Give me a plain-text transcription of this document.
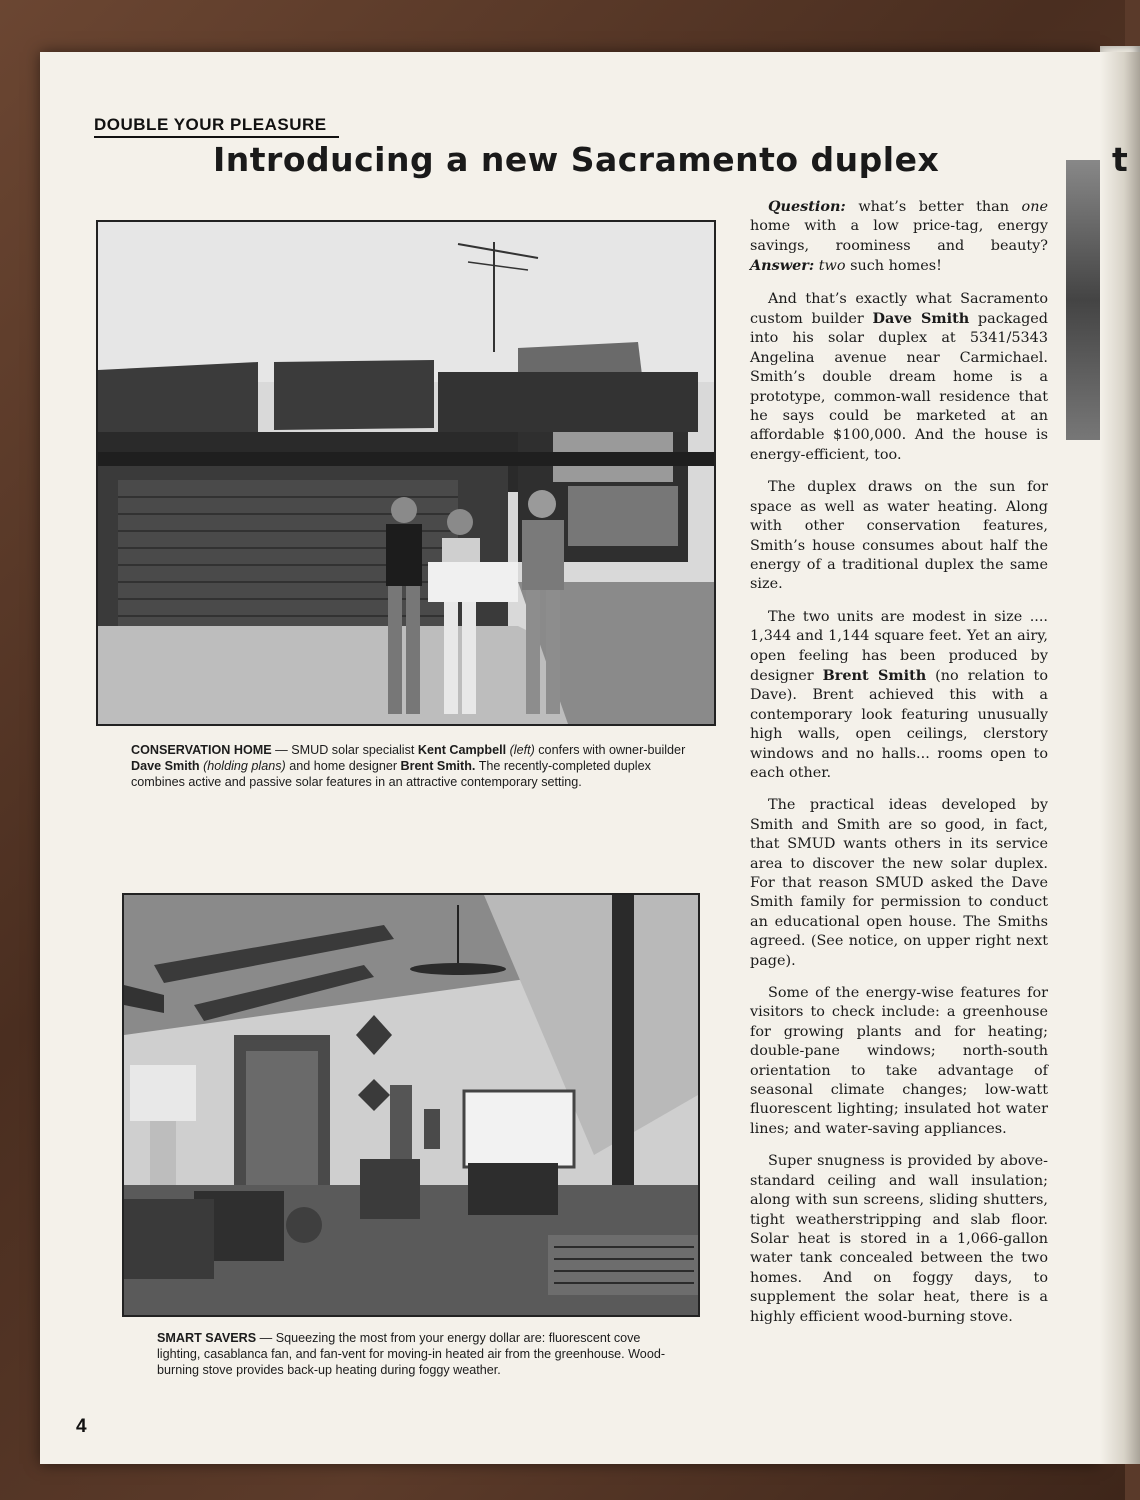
DOUBLE YOUR PLEASURE
Introducing a new Sacramento duplex	t
CONSERVATION HOME — SMUD solar specialist Kent Campbell (left) confers with owner-builder Dave Smith (holding plans) and home designer Brent Smith. The recently-completed duplex combines active and passive solar features in an attractive contemporary setting.
SMART SAVERS — Squeezing the most from your energy dollar are: fluorescent cove lighting, casablanca fan, and fan-vent for moving-in heated air from the greenhouse. Wood-burning stove provides back-up heating during foggy weather.

Question: what’s better than one home with a low price-tag, energy savings, roominess and beauty? Answer: two such homes!

And that’s exactly what Sacramento custom builder Dave Smith packaged into his solar duplex at 5341/5343 Angelina avenue near Carmichael. Smith’s double dream home is a prototype, common-wall residence that he says could be marketed at an affordable $100,000. And the house is energy-efficient, too.

The duplex draws on the sun for space as well as water heating. Along with other conservation features, Smith’s house consumes about half the energy of a traditional duplex the same size.

The two units are modest in size .... 1,344 and 1,144 square feet. Yet an airy, open feeling has been produced by designer Brent Smith (no relation to Dave). Brent achieved this with a contemporary look featuring unusually high walls, open ceilings, clerstory windows and no halls... rooms open to each other.

The practical ideas developed by Smith and Smith are so good, in fact, that SMUD wants others in its service area to discover the new solar duplex. For that reason SMUD asked the Dave Smith family for permission to conduct an educational open house. The Smiths agreed. (See notice, on upper right next page).

Some of the energy-wise features for visitors to check include: a greenhouse for growing plants and for heating; double-pane windows; north-south orientation to take advantage of seasonal climate changes; low-watt fluorescent lighting; insulated hot water lines; and water-saving appliances.

Super snugness is provided by above-standard ceiling and wall insulation; along with sun screens, sliding shutters, tight weatherstripping and slab floor. Solar heat is stored in a 1,066-gallon water tank concealed between the two homes. And on foggy days, to supplement the solar heat, there is a highly efficient wood-burning stove.

4
